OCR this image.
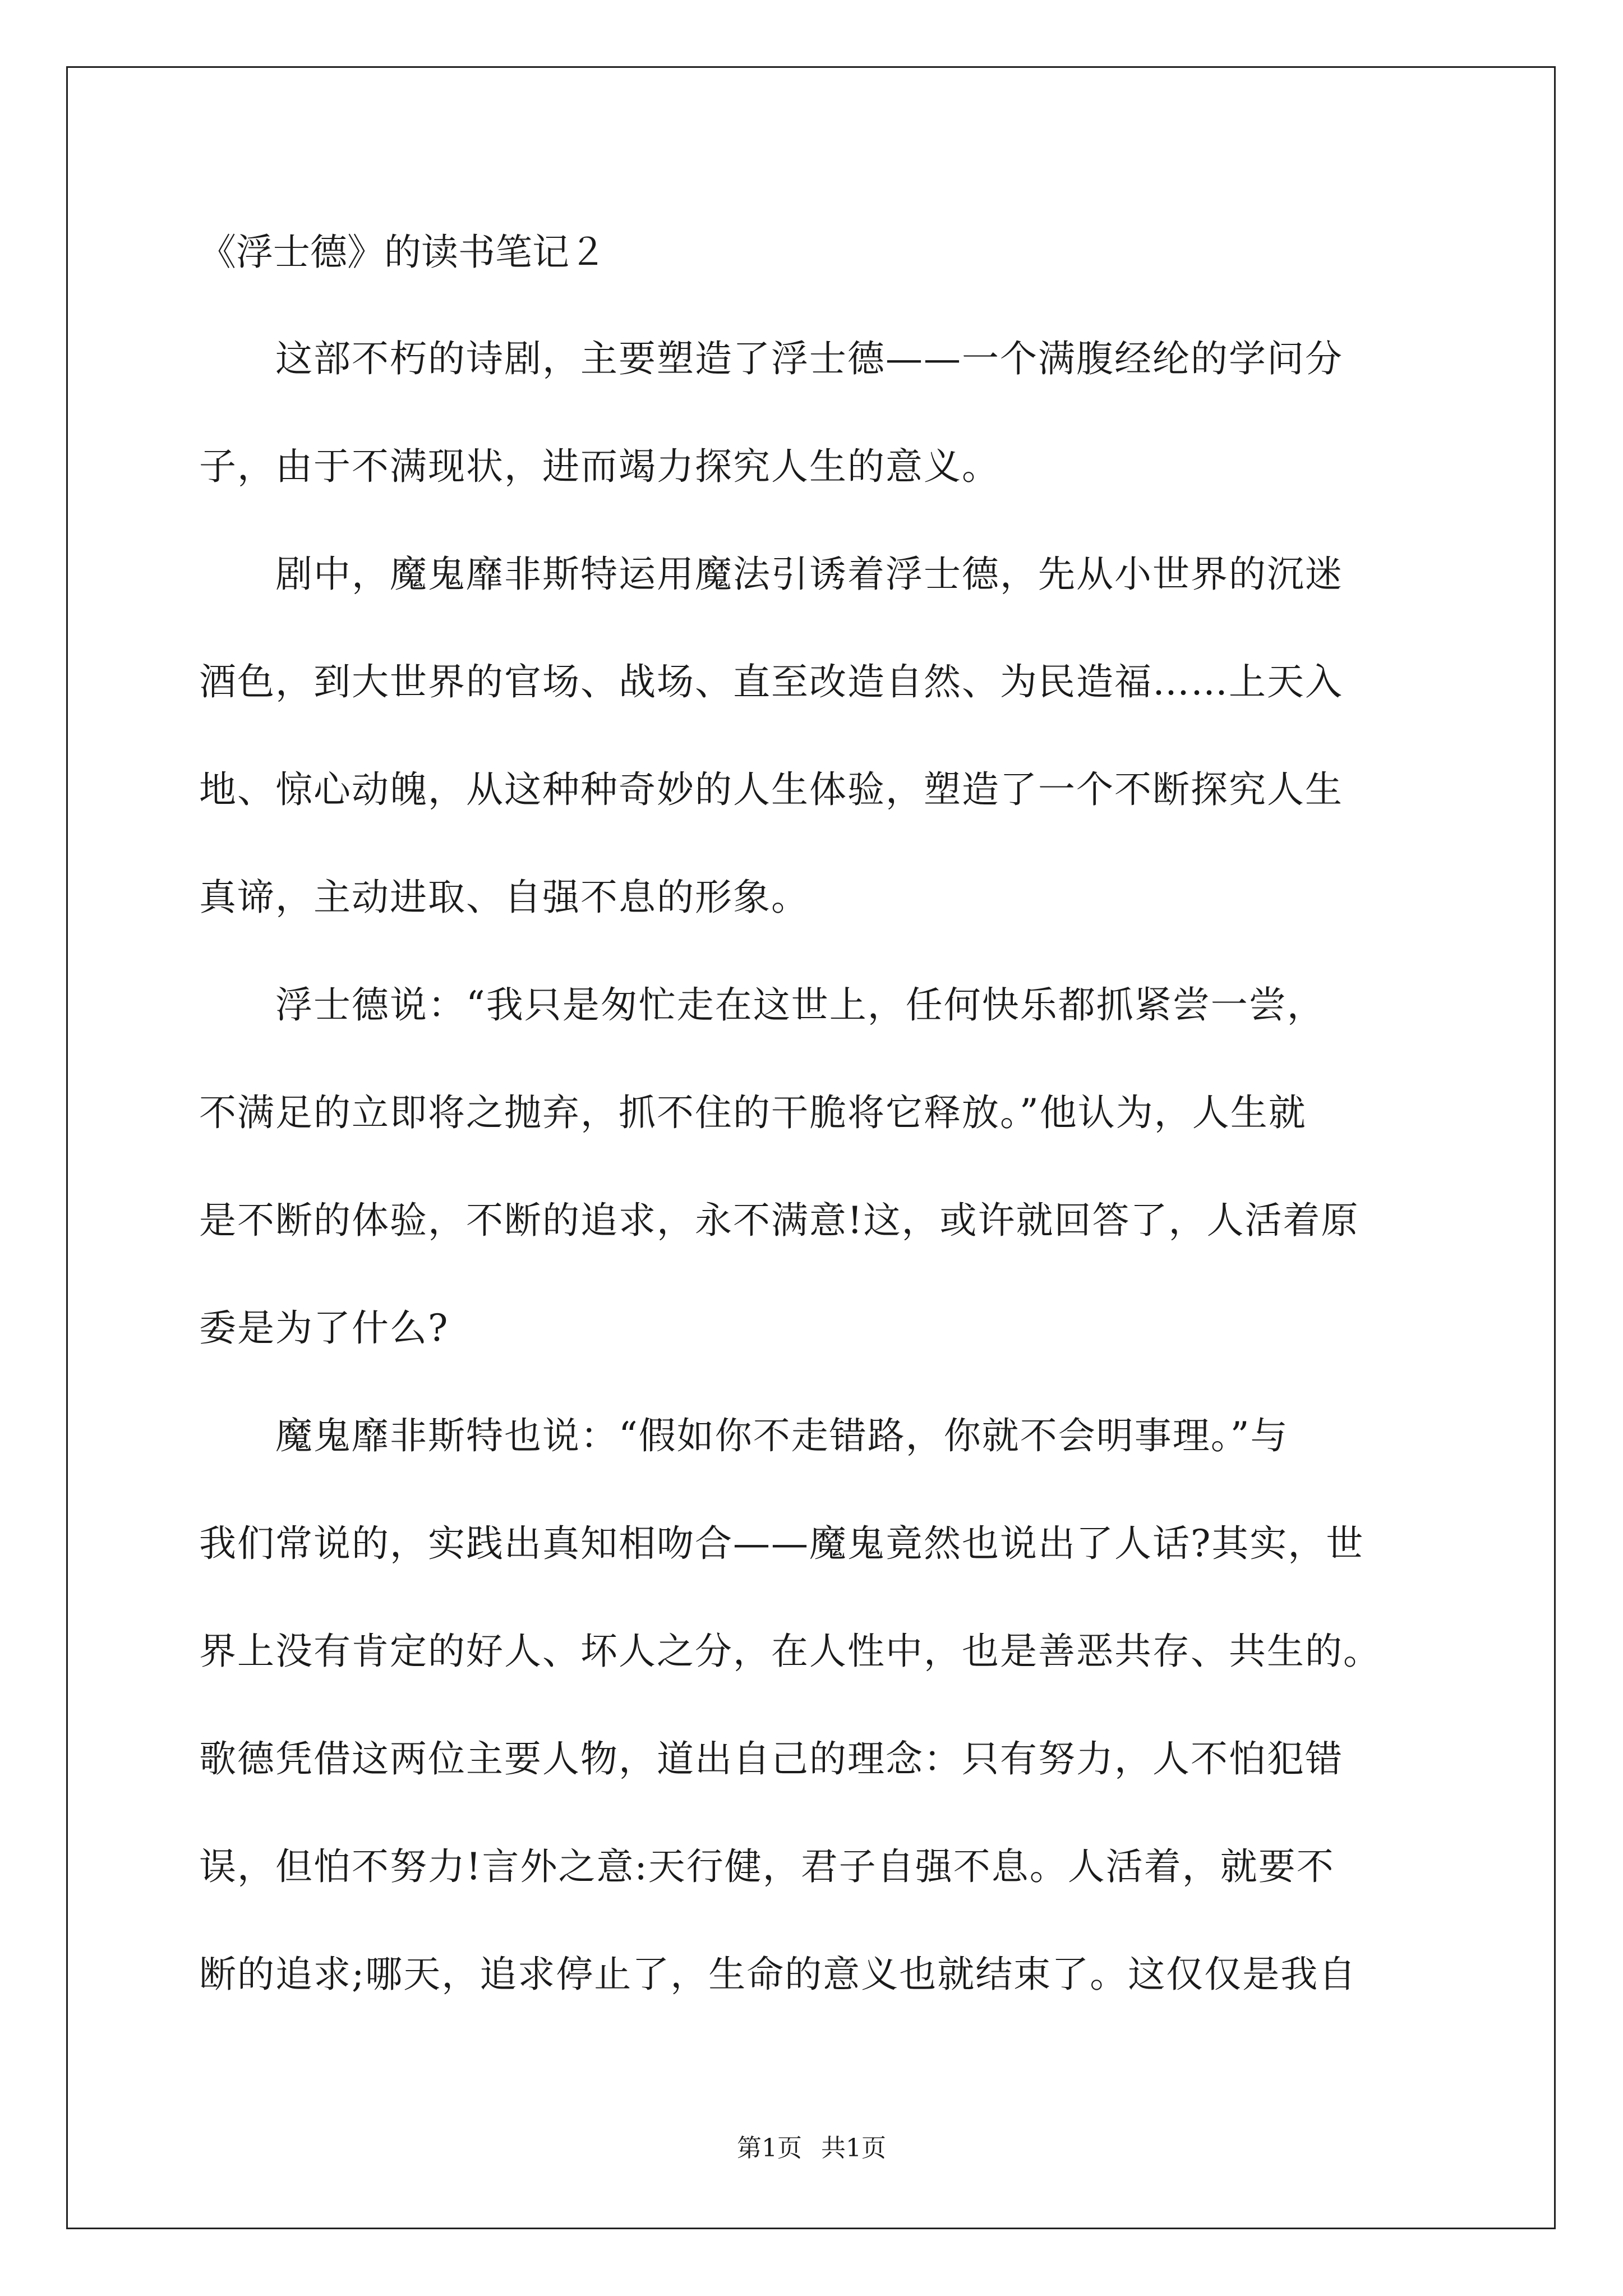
《浮士德》的读书笔记２
　　这部不朽的诗剧，主要塑造了浮士德——一个满腹经纶的学问分
子，由于不满现状，进而竭力探究人生的意义。
　　剧中，魔鬼靡非斯特运用魔法引诱着浮士德，先从小世界的沉迷
酒色，到大世界的官场、战场、直至改造自然、为民造福……上天入
地、惊心动魄，从这种种奇妙的人生体验，塑造了一个不断探究人生
真谛，主动进取、自强不息的形象。
　　浮士德说：“我只是匆忙走在这世上，任何快乐都抓紧尝一尝，
不满足的立即将之抛弃，抓不住的干脆将它释放。”他认为，人生就
是不断的体验，不断的追求，永不满意!这，或许就回答了，人活着原
委是为了什么?
　　魔鬼靡非斯特也说：“假如你不走错路，你就不会明事理。”与
我们常说的，实践出真知相吻合——魔鬼竟然也说出了人话?其实，世
界上没有肯定的好人、坏人之分，在人性中，也是善恶共存、共生的。
歌德凭借这两位主要人物，道出自己的理念：只有努力，人不怕犯错
误，但怕不努力!言外之意:天行健，君子自强不息。人活着，就要不
断的追求;哪天，追求停止了，生命的意义也就结束了。这仅仅是我自
第1页 共1页
